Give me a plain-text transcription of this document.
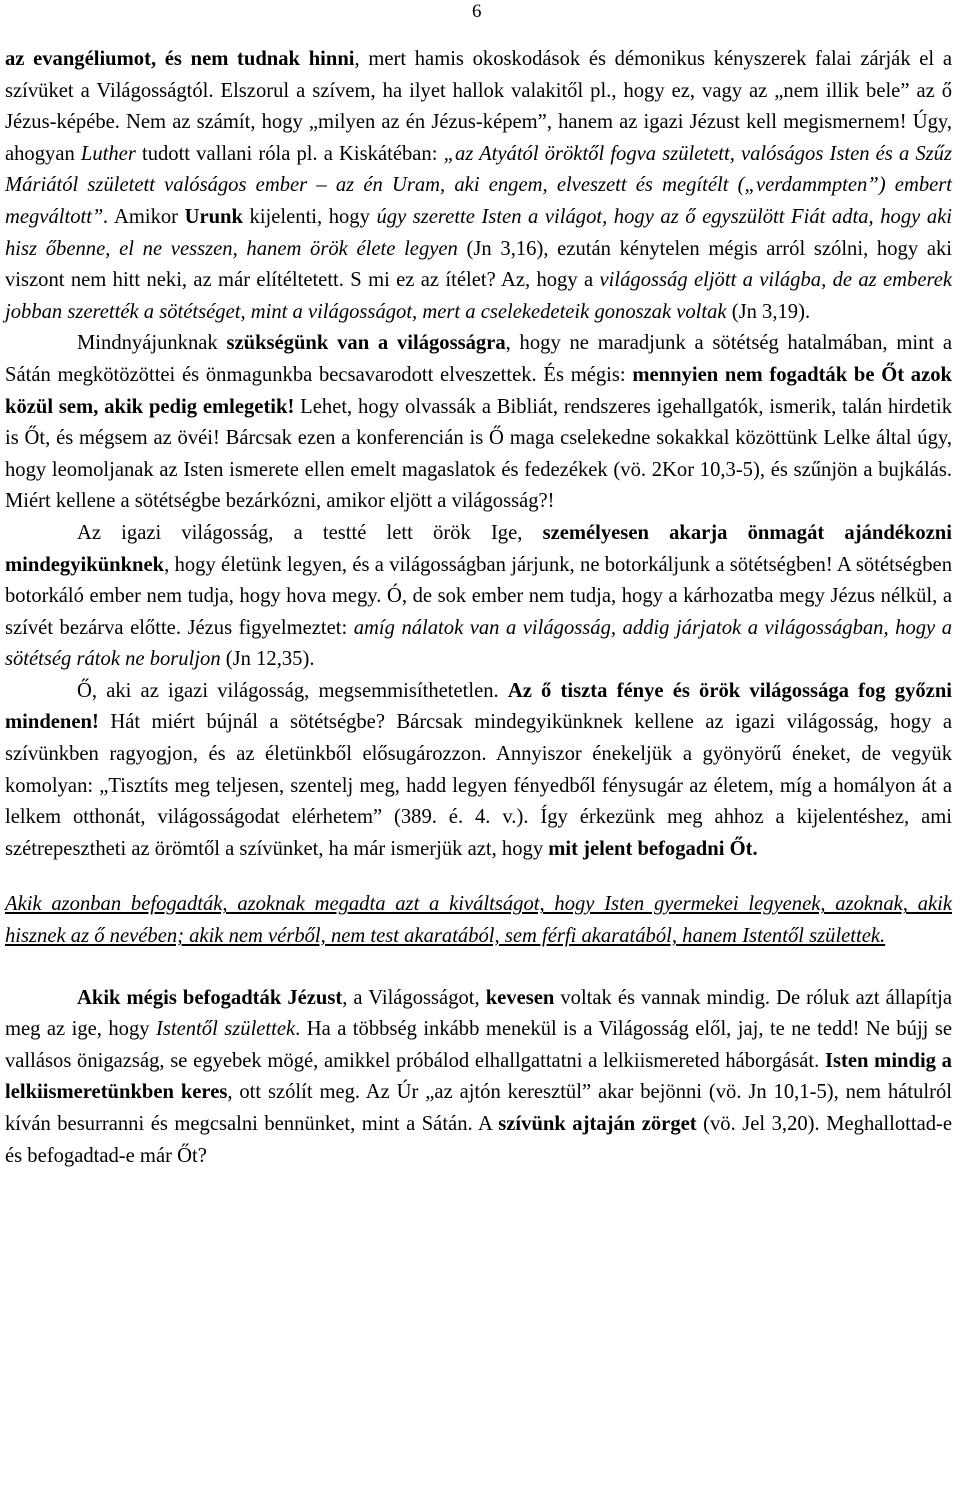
6

az evangéliumot, és nem tudnak hinni, mert hamis okoskodások és démonikus kényszerek falai zárják el a szívüket a Világosságtól. Elszorul a szívem, ha ilyet hallok valakitől pl., hogy ez, vagy az „nem illik bele” az ő Jézus-képébe. Nem az számít, hogy „milyen az én Jézus-képem”, hanem az igazi Jézust kell megismernem! Úgy, ahogyan Luther tudott vallani róla pl. a Kiskátéban: „az Atyától öröktől fogva született, valóságos Isten és a Szűz Máriától született valóságos ember – az én Uram, aki engem, elveszett és megítélt („verdammpten”) embert megváltott”. Amikor Urunk kijelenti, hogy úgy szerette Isten a világot, hogy az ő egyszülött Fiát adta, hogy aki hisz őbenne, el ne vesszen, hanem örök élete legyen (Jn 3,16), ezután kénytelen mégis arról szólni, hogy aki viszont nem hitt neki, az már elítéltetett. S mi ez az ítélet? Az, hogy a világosság eljött a világba, de az emberek jobban szerették a sötétséget, mint a világosságot, mert a cselekedeteik gonoszak voltak (Jn 3,19).

Mindnyájunknak szükségünk van a világosságra, hogy ne maradjunk a sötétség hatalmában, mint a Sátán megkötözöttei és önmagunkba becsavarodott elveszettek. És mégis: mennyien nem fogadták be Őt azok közül sem, akik pedig emlegetik! Lehet, hogy olvassák a Bibliát, rendszeres igehallgatók, ismerik, talán hirdetik is Őt, és mégsem az övéi! Bárcsak ezen a konferencián is Ő maga cselekedne sokakkal közöttünk Lelke által úgy, hogy leomoljanak az Isten ismerete ellen emelt magaslatok és fedezékek (vö. 2Kor 10,3-5), és szűnjön a bujkálás. Miért kellene a sötétségbe bezárkózni, amikor eljött a világosság?!

Az igazi világosság, a testté lett örök Ige, személyesen akarja önmagát ajándékozni mindegyikünknek, hogy életünk legyen, és a világosságban járjunk, ne botorkáljunk a sötétségben! A sötétségben botorkáló ember nem tudja, hogy hova megy. Ó, de sok ember nem tudja, hogy a kárhozatba megy Jézus nélkül, a szívét bezárva előtte. Jézus figyelmeztet: amíg nálatok van a világosság, addig járjatok a világosságban, hogy a sötétség rátok ne boruljon (Jn 12,35).

Ő, aki az igazi világosság, megsemmisíthetetlen. Az ő tiszta fénye és örök világossága fog győzni mindenen! Hát miért bújnál a sötétségbe? Bárcsak mindegyikünknek kellene az igazi világosság, hogy a szívünkben ragyogjon, és az életünkből elősugározzon. Annyiszor énekeljük a gyönyörű éneket, de vegyük komolyan: „Tisztíts meg teljesen, szentelj meg, hadd legyen fényedből fénysugár az életem, míg a homályon át a lelkem otthonát, világosságodat elérhetem” (389. é. 4. v.). Így érkezünk meg ahhoz a kijelentéshez, ami szétrepesztheti az örömtől a szívünket, ha már ismerjük azt, hogy mit jelent befogadni Őt.

Akik azonban befogadták, azoknak megadta azt a kiváltságot, hogy Isten gyermekei legyenek, azoknak, akik hisznek az ő nevében; akik nem vérből, nem test akaratából, sem férfi akaratából, hanem Istentől születtek.

Akik mégis befogadták Jézust, a Világosságot, kevesen voltak és vannak mindig. De róluk azt állapítja meg az ige, hogy Istentől születtek. Ha a többség inkább menekül is a Világosság elől, jaj, te ne tedd! Ne bújj se vallásos önigazság, se egyebek mögé, amikkel próbálod elhallgattatni a lelkiismereted háborgását. Isten mindig a lelkiismeretünkben keres, ott szólít meg. Az Úr „az ajtón keresztül” akar bejönni (vö. Jn 10,1-5), nem hátulról kíván besurranni és megcsalni bennünket, mint a Sátán. A szívünk ajtaján zörget (vö. Jel 3,20). Meghallottad-e és befogadtad-e már Őt?
